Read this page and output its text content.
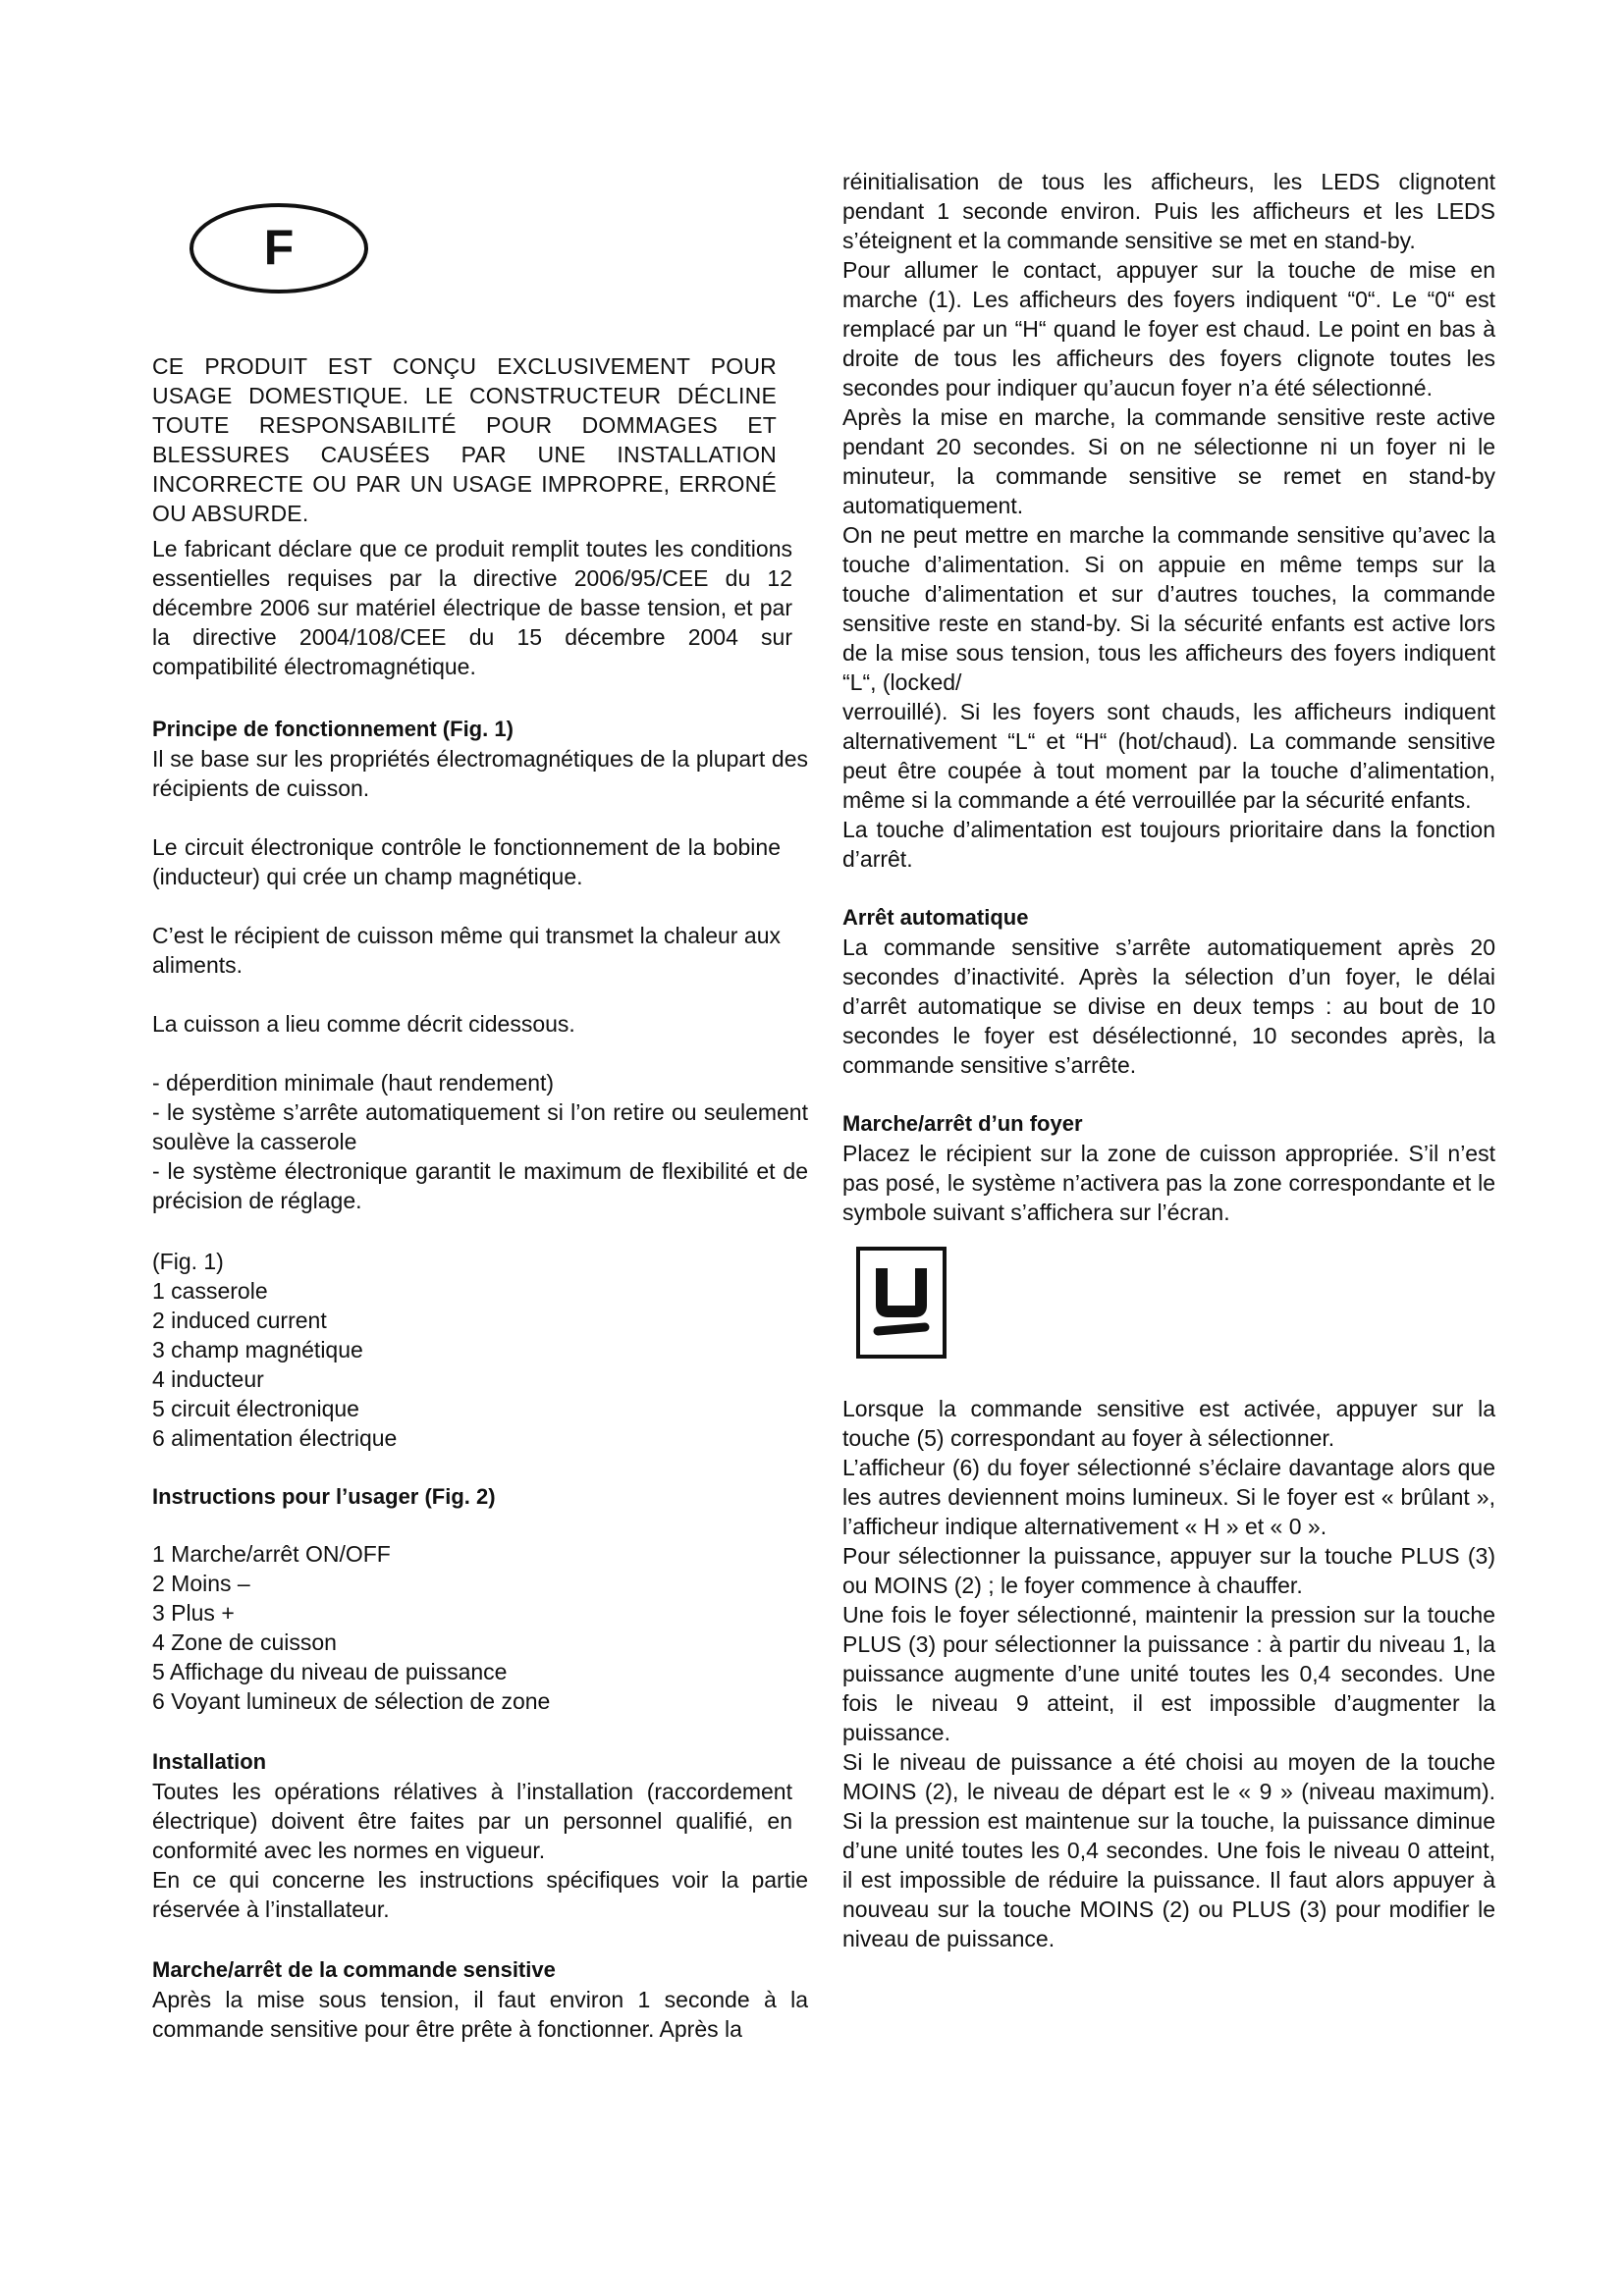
F

CE PRODUIT EST CONÇU EXCLUSIVEMENT POUR USAGE DOMESTIQUE. LE CONSTRUCTEUR DÉCLINE TOUTE RESPONSABILITÉ POUR DOMMAGES ET BLESSURES CAUSÉES PAR UNE INSTALLATION INCORRECTE OU PAR UN USAGE IMPROPRE, ERRONÉ OU ABSURDE.

Le fabricant déclare que ce produit remplit toutes les conditions essentielles requises par la directive 2006/95/CEE du 12 décembre 2006 sur matériel électrique de basse tension, et par la directive 2004/108/CEE du 15 décembre 2004 sur compatibilité électromagnétique.

Principe de fonctionnement (Fig. 1)

Il se base sur les propriétés électromagnétiques de la plupart des récipients de cuisson.

Le circuit électronique contrôle le fonctionnement de la bobine (inducteur) qui crée un champ magnétique.

C’est le récipient de cuisson même qui transmet la chaleur aux aliments.

La cuisson a lieu comme décrit cidessous.

- déperdition minimale (haut rendement)
- le système s’arrête automatiquement si l’on retire ou seulement soulève la casserole
- le système électronique garantit le maximum de flexibilité et de précision de réglage.

(Fig. 1)

1 casserole
2 induced current
3 champ magnétique
4 inducteur
5 circuit électronique
6 alimentation électrique
Instructions pour l’usager (Fig. 2)
1 Marche/arrêt ON/OFF
2 Moins –
3 Plus +
4 Zone de cuisson
5 Affichage du niveau de puissance
6 Voyant lumineux de sélection de zone
Installation

Toutes les opérations rélatives à l’installation (raccordement électrique) doivent être faites par un personnel qualifié, en conformité avec les normes en vigueur.

En ce qui concerne les instructions spécifiques voir la partie réservée à l’installateur.

Marche/arrêt de la commande sensitive

Après la mise sous tension, il faut environ 1 seconde à la commande sensitive pour être prête à fonctionner. Après la

réinitialisation de tous les afficheurs, les LEDS clignotent pendant 1 seconde environ. Puis les afficheurs et les LEDS s’éteignent et la commande sensitive se met en stand-by.

Pour allumer le contact, appuyer sur la touche de mise en marche (1). Les afficheurs des foyers indiquent “0“. Le “0“ est remplacé par un “H“ quand le foyer est chaud. Le point en bas à droite de tous les afficheurs des foyers clignote toutes les secondes pour indiquer qu’aucun foyer n’a été sélectionné.

Après la mise en marche, la commande sensitive reste active pendant 20 secondes. Si on ne sélectionne ni un foyer ni le minuteur, la commande sensitive se remet en stand-by automatiquement.

On ne peut mettre en marche la commande sensitive qu’avec la touche d’alimentation. Si on appuie en même temps sur la touche d’alimentation et sur d’autres touches, la commande sensitive reste en stand-by. Si la sécurité enfants est active lors de la mise sous tension, tous les afficheurs des foyers indiquent “L“, (locked/

verrouillé). Si les foyers sont chauds, les afficheurs indiquent alternativement “L“ et “H“ (hot/chaud). La commande sensitive peut être coupée à tout moment par la touche d’alimentation, même si la commande a été verrouillée par la sécurité enfants.

La touche d’alimentation est toujours prioritaire dans la fonction d’arrêt.

Arrêt automatique

La commande sensitive s’arrête automatiquement après 20 secondes d’inactivité. Après la sélection d’un foyer, le délai d’arrêt automatique se divise en deux temps : au bout de 10 secondes le foyer est désélectionné, 10 secondes après, la commande sensitive s’arrête.

Marche/arrêt d’un foyer

Placez le récipient sur la zone de cuisson appropriée. S’il n’est pas posé, le système n’activera pas la zone correspondante et le symbole suivant s’affichera sur l’écran.

Lorsque la commande sensitive est activée, appuyer sur la touche (5) correspondant au foyer à sélectionner.

L’afficheur (6) du foyer sélectionné s’éclaire davantage alors que les autres deviennent moins lumineux. Si le foyer est « brûlant », l’afficheur indique alternativement « H » et « 0 ».

Pour sélectionner la puissance, appuyer sur la touche PLUS (3) ou MOINS (2) ; le foyer commence à chauffer.

Une fois le foyer sélectionné, maintenir la pression sur la touche PLUS (3) pour sélectionner la puissance : à partir du niveau 1, la puissance augmente d’une unité toutes les 0,4 secondes. Une fois le niveau 9 atteint, il est impossible d’augmenter la puissance.

Si le niveau de puissance a été choisi au moyen de la touche MOINS (2), le niveau de départ est le « 9 » (niveau maximum). Si la pression est maintenue sur la touche, la puissance diminue d’une unité toutes les 0,4 secondes. Une fois le niveau 0 atteint, il est impossible de réduire la puissance. Il faut alors appuyer à nouveau sur la touche MOINS (2) ou PLUS (3) pour modifier le niveau de puissance.
